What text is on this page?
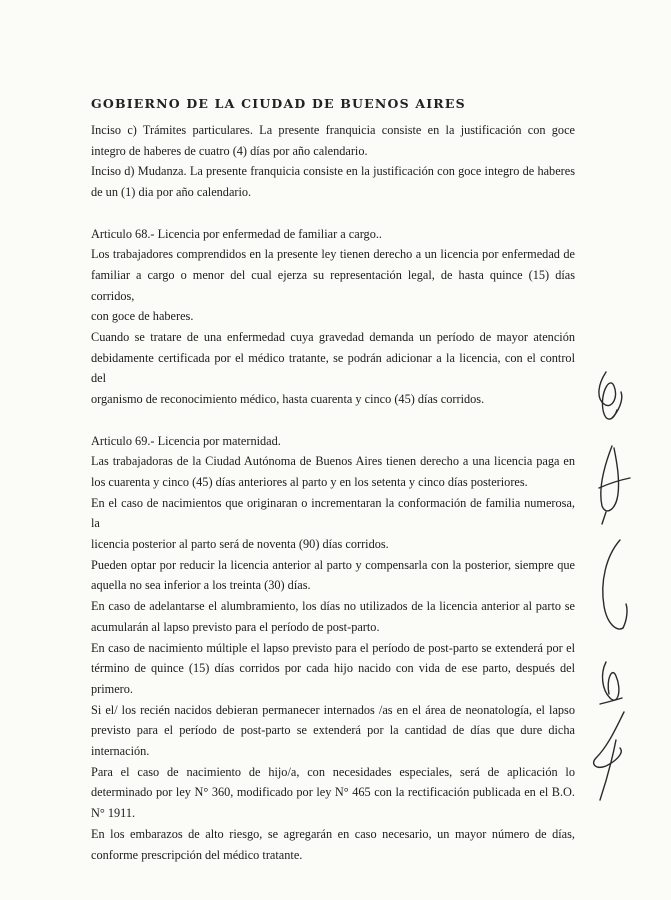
GOBIERNO DE LA CIUDAD DE BUENOS AIRES
Inciso c) Trámites particulares. La presente franquicia consiste en la justificación con goce
integro de haberes de cuatro (4) días por año calendario.
Inciso d) Mudanza. La presente franquicia consiste en la justificación con goce integro de haberes
de un (1) dia por año calendario.
Articulo 68.- Licencia por enfermedad de familiar a cargo..
Los trabajadores comprendidos en la presente ley tienen derecho a un licencia por enfermedad de
familiar a cargo o menor del cual ejerza su representación legal, de hasta quince (15) días corridos,
con goce de haberes.
Cuando se tratare de una enfermedad cuya gravedad demanda un período de mayor atención
debidamente certificada por el médico tratante, se podrán adicionar a la licencia, con el control del
organismo de reconocimiento médico, hasta cuarenta y cinco (45) días corridos.
Articulo 69.- Licencia por maternidad.
Las trabajadoras de la Ciudad Autónoma de Buenos Aires tienen derecho a una licencia paga en
los cuarenta y cinco (45) días anteriores al parto y en los setenta y cinco días posteriores.
En el caso de nacimientos que originaran o incrementaran la conformación de familia numerosa, la
licencia posterior al parto será de noventa (90) días corridos.
Pueden optar por reducir la licencia anterior al parto y compensarla con la posterior, siempre que
aquella no sea inferior a los treinta (30) días.
En caso de adelantarse el alumbramiento, los días no utilizados de la licencia anterior al parto se
acumularán al lapso previsto para el período de post-parto.
En caso de nacimiento múltiple el lapso previsto para el período de post-parto se extenderá por el
término de quince (15) días corridos por cada hijo nacido con vida de ese parto, después del
primero.
Si el/ los recién nacidos debieran permanecer internados /as en el área de neonatología, el lapso
previsto para el período de post-parto se extenderá por la cantidad de días que dure dicha
internación.
Para el caso de nacimiento de hijo/a, con necesidades especiales, será de aplicación lo
determinado por ley N° 360, modificado por ley N° 465 con la rectificación publicada en el B.O.
N° 1911.
En los embarazos de alto riesgo, se agregarán en caso necesario, un mayor número de días,
conforme prescripción del médico tratante.
